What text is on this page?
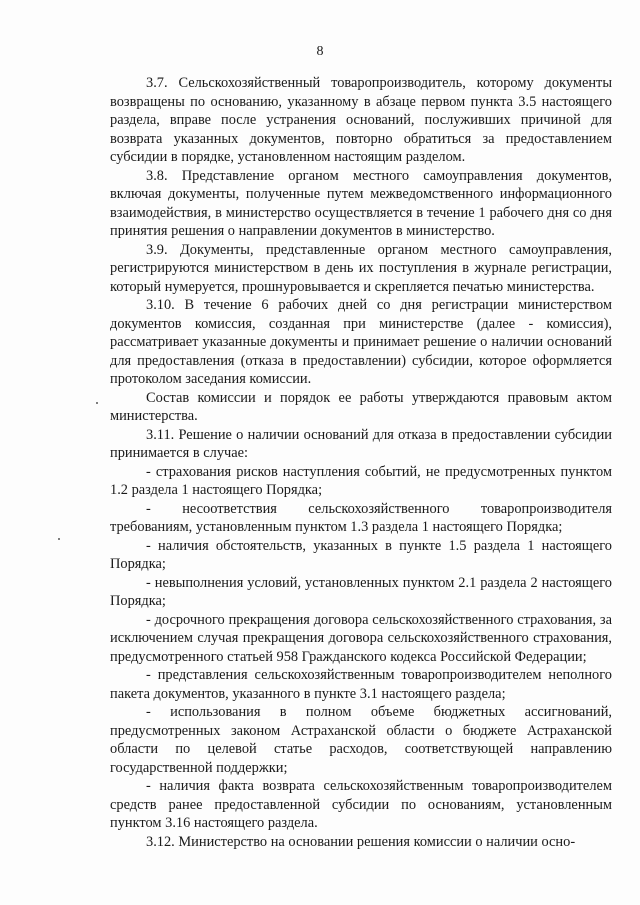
8

3.7. Сельскохозяйственный товаропроизводитель, которому документы возвращены по основанию, указанному в абзаце первом пункта 3.5 настоящего раздела, вправе после устранения оснований, послуживших причиной для возврата указанных документов, повторно обратиться за предоставлением субсидии в порядке, установленном настоящим разделом.

3.8. Представление органом местного самоуправления документов, включая документы, полученные путем межведомственного информационного взаимодействия, в министерство осуществляется в течение 1 рабочего дня со дня принятия решения о направлении документов в министерство.

3.9. Документы, представленные органом местного самоуправления, регистрируются министерством в день их поступления в журнале регистрации, который нумеруется, прошнуровывается и скрепляется печатью министерства.

3.10. В течение 6 рабочих дней со дня регистрации министерством документов комиссия, созданная при министерстве (далее - комиссия), рассматривает указанные документы и принимает решение о наличии оснований для предоставления (отказа в предоставлении) субсидии, которое оформляется протоколом заседания комиссии.

Состав комиссии и порядок ее работы утверждаются правовым актом министерства.

3.11. Решение о наличии оснований для отказа в предоставлении субсидии принимается в случае:

- страхования рисков наступления событий, не предусмотренных пунктом 1.2 раздела 1 настоящего Порядка;

- несоответствия сельскохозяйственного товаропроизводителя требованиям, установленным пунктом 1.3 раздела 1 настоящего Порядка;

- наличия обстоятельств, указанных в пункте 1.5 раздела 1 настоящего Порядка;

- невыполнения условий, установленных пунктом 2.1 раздела 2 настоящего Порядка;

- досрочного прекращения договора сельскохозяйственного страхования, за исключением случая прекращения договора сельскохозяйственного страхования, предусмотренного статьей 958 Гражданского кодекса Российской Федерации;

- представления сельскохозяйственным товаропроизводителем неполного пакета документов, указанного в пункте 3.1 настоящего раздела;

- использования в полном объеме бюджетных ассигнований, предусмотренных законом Астраханской области о бюджете Астраханской области по целевой статье расходов, соответствующей направлению государственной поддержки;

- наличия факта возврата сельскохозяйственным товаропроизводителем средств ранее предоставленной субсидии по основаниям, установленным пунктом 3.16 настоящего раздела.

3.12. Министерство на основании решения комиссии о наличии осно-
